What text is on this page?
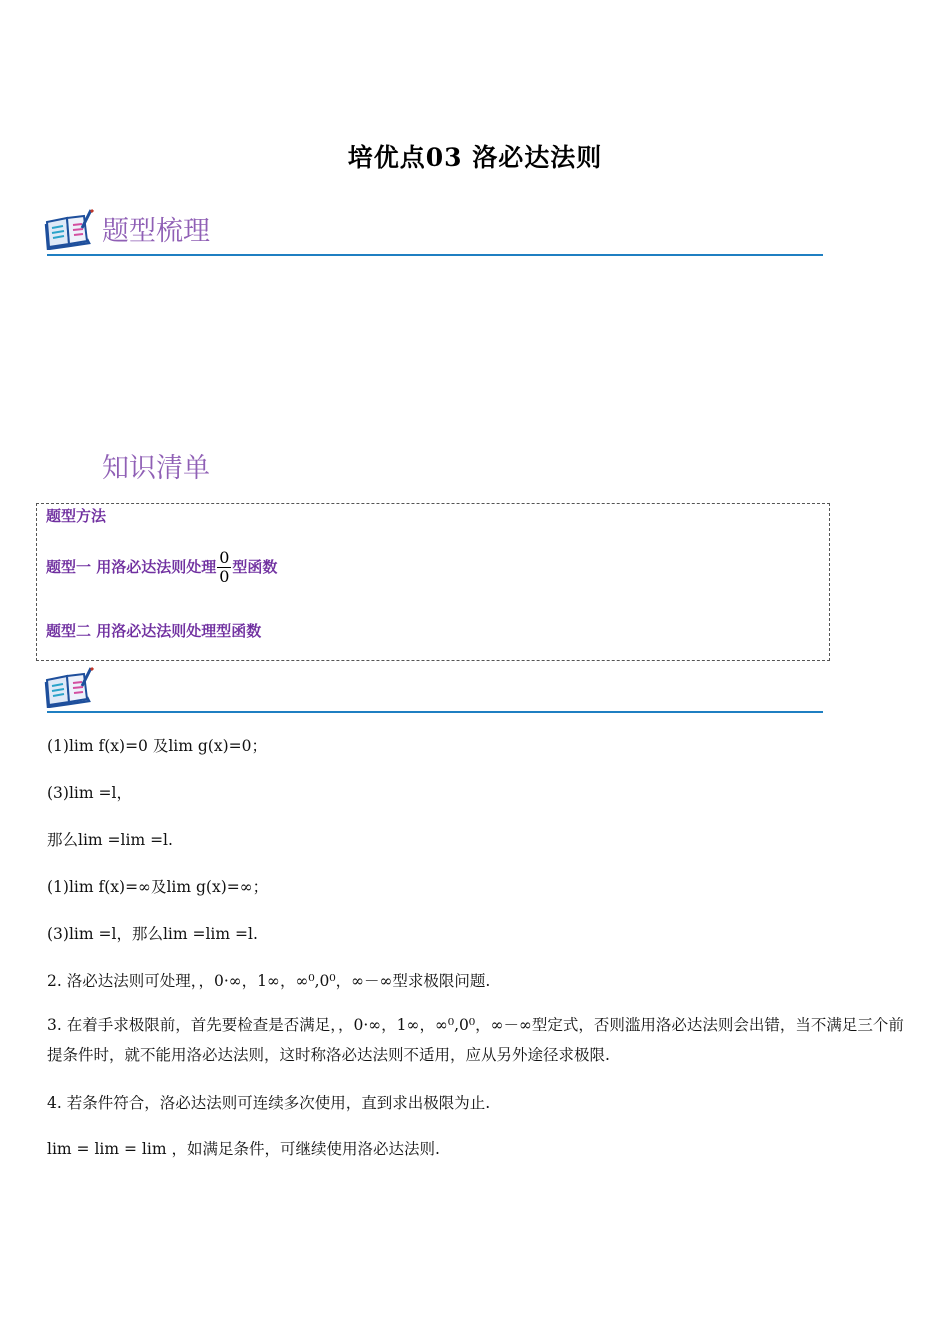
培优点03 洛必达法则
题型梳理
知识清单
题型方法
题型一 用洛必达法则处理 $\frac{0}{0}$ 型函数
题型二 用洛必达法则处理型函数
(1)lim f(x)=0 及lim g(x)=0；
(3)lim =l，
那么lim =lim =l.
(1)lim f(x)=∞及lim g(x)=∞；
(3)lim =l，那么lim =lim =l.
2. 洛必达法则可处理，，0·∞，1∞，∞⁰,0⁰，∞－∞型求极限问题.
3. 在着手求极限前，首先要检查是否满足，，0·∞，1∞，∞⁰,0⁰，∞－∞型定式，否则滥用洛必达法则会出错，当不满足三个前提条件时，就不能用洛必达法则，这时称洛必达法则不适用，应从另外途径求极限.
4. 若条件符合，洛必达法则可连续多次使用，直到求出极限为止.
lim = lim = lim ，如满足条件，可继续使用洛必达法则.
